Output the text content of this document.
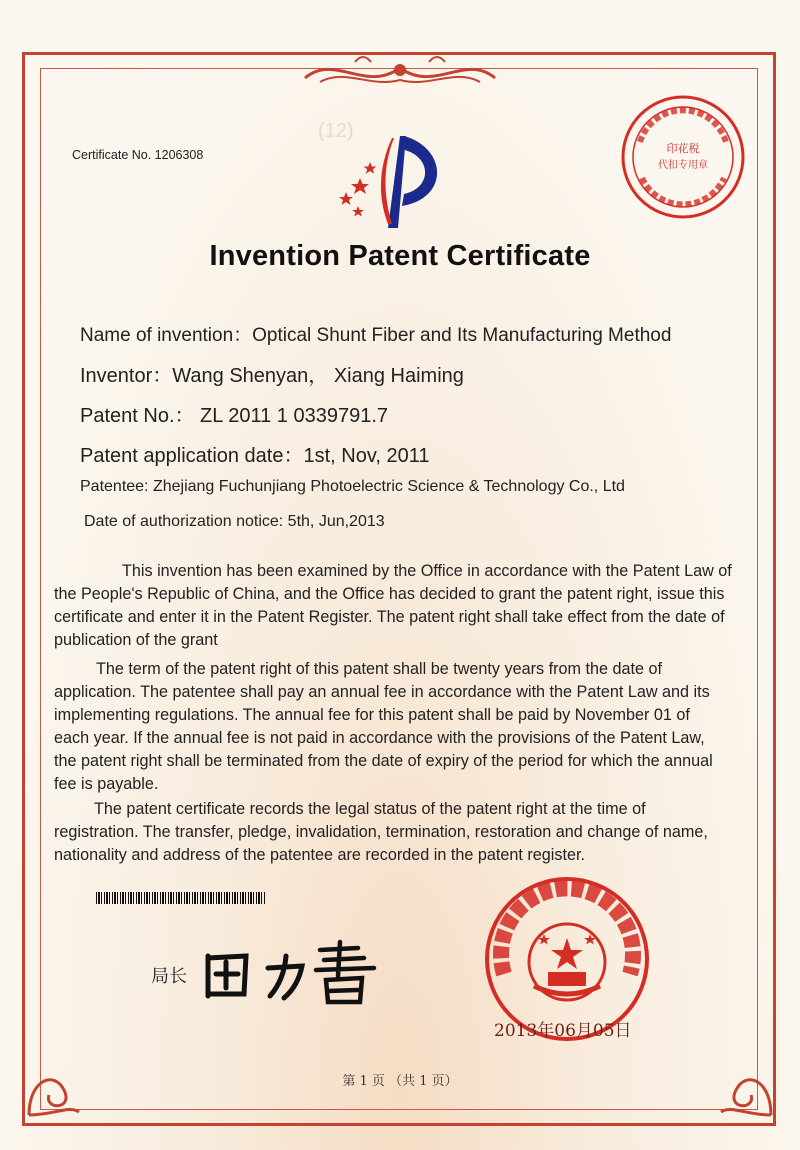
(12)
Certificate No. 1206308	印花税
代扣专用章
Invention Patent Certificate
Name of invention：Optical Shunt Fiber and Its Manufacturing Method
Inventor：Wang Shenyan， Xiang Haiming
Patent No.： ZL 2011 1 0339791.7
Patent application date：1st, Nov, 2011
Patentee: Zhejiang Fuchunjiang Photoelectric Science & Technology Co., Ltd
Date of authorization notice: 5th, Jun,2013

This invention has been examined by the Office in accordance with the Patent Law of the People's Republic of China, and the Office has decided to grant the patent right, issue this certificate and enter it in the Patent Register. The patent right shall take effect from the date of publication of the grant

The term of the patent right of this patent shall be twenty years from the date of application. The patentee shall pay an annual fee in accordance with the Patent Law and its implementing regulations. The annual fee for this patent shall be paid by November 01 of each year. If the annual fee is not paid in accordance with the provisions of the Patent Law, the patent right shall be terminated from the date of expiry of the period for which the annual fee is payable.

The patent certificate records the legal status of the patent right at the time of registration. The transfer, pledge, invalidation, termination, restoration and change of name, nationality and address of the patentee are recorded in the patent register.

局长
2013年06月05日
第 1 页 （共 1 页）
